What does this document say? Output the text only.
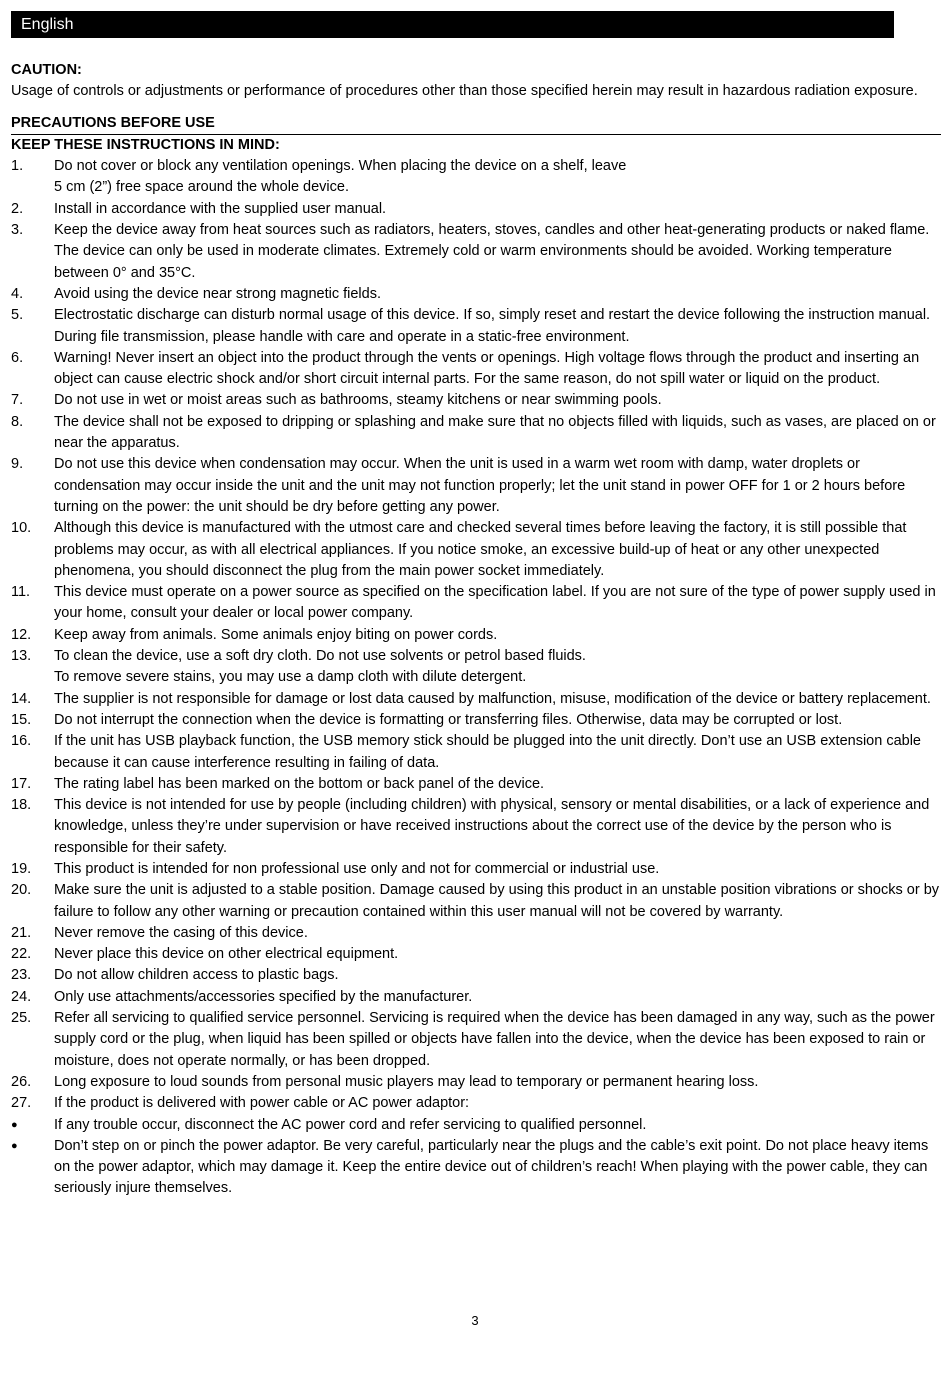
English
CAUTION:

Usage of controls or adjustments or performance of procedures other than those specified herein may result in hazardous radiation exposure.

PRECAUTIONS BEFORE USE
KEEP THESE INSTRUCTIONS IN MIND:
1.	Do not cover or block any ventilation openings. When placing the device on a shelf, leave
5 cm (2”) free space around the whole device.
2.	Install in accordance with the supplied user manual.
3.	Keep the device away from heat sources such as radiators, heaters, stoves, candles and other heat-generating products or naked flame. The device can only be used in moderate climates. Extremely cold or warm environments should be avoided. Working temperature between 0° and 35°C.
4.	Avoid using the device near strong magnetic fields.
5.	Electrostatic discharge can disturb normal usage of this device. If so, simply reset and restart the device following the instruction manual. During file transmission, please handle with care and operate in a static-free environment.
6.	Warning! Never insert an object into the product through the vents or openings. High voltage flows through the product and inserting an object can cause electric shock and/or short circuit internal parts. For the same reason, do not spill water or liquid on the product.
7.	Do not use in wet or moist areas such as bathrooms, steamy kitchens or near swimming pools.
8.	The device shall not be exposed to dripping or splashing and make sure that no objects filled with liquids, such as vases, are placed on or near the apparatus.
9.	Do not use this device when condensation may occur. When the unit is used in a warm wet room with damp, water droplets or condensation may occur inside the unit and the unit may not function properly; let the unit stand in power OFF for 1 or 2 hours before turning on the power: the unit should be dry before getting any power.
10.	Although this device is manufactured with the utmost care and checked several times before leaving the factory, it is still possible that problems may occur, as with all electrical appliances. If you notice smoke, an excessive build-up of heat or any other unexpected phenomena, you should disconnect the plug from the main power socket immediately.
11.	This device must operate on a power source as specified on the specification label. If you are not sure of the type of power supply used in your home, consult your dealer or local power company.
12.	Keep away from animals. Some animals enjoy biting on power cords.
13.	To clean the device, use a soft dry cloth. Do not use solvents or petrol based fluids.
To remove severe stains, you may use a damp cloth with dilute detergent.
14.	The supplier is not responsible for damage or lost data caused by malfunction, misuse, modification of the device or battery replacement.
15.	Do not interrupt the connection when the device is formatting or transferring files. Otherwise, data may be corrupted or lost.
16.	If the unit has USB playback function, the USB memory stick should be plugged into the unit directly. Don’t use an USB extension cable because it can cause interference resulting in failing of data.
17.	The rating label has been marked on the bottom or back panel of the device.
18.	This device is not intended for use by people (including children) with physical, sensory or mental disabilities, or a lack of experience and knowledge, unless they’re under supervision or have received instructions about the correct use of the device by the person who is responsible for their safety.
19.	This product is intended for non professional use only and not for commercial or industrial use.
20.	Make sure the unit is adjusted to a stable position. Damage caused by using this product in an unstable position vibrations or shocks or by failure to follow any other warning or precaution contained within this user manual will not be covered by warranty.
21.	Never remove the casing of this device.
22.	Never place this device on other electrical equipment.
23.	Do not allow children access to plastic bags.
24.	Only use attachments/accessories specified by the manufacturer.
25.	Refer all servicing to qualified service personnel. Servicing is required when the device has been damaged in any way, such as the power supply cord or the plug, when liquid has been spilled or objects have fallen into the device, when the device has been exposed to rain or moisture, does not operate normally, or has been dropped.
26.	Long exposure to loud sounds from personal music players may lead to temporary or permanent hearing loss.
27.	If the product is delivered with power cable or AC power adaptor:
●	If any trouble occur, disconnect the AC power cord and refer servicing to qualified personnel.
●	Don’t step on or pinch the power adaptor. Be very careful, particularly near the plugs and the cable’s exit point. Do not place heavy items on the power adaptor, which may damage it. Keep the entire device out of children’s reach! When playing with the power cable, they can seriously injure themselves.
3
